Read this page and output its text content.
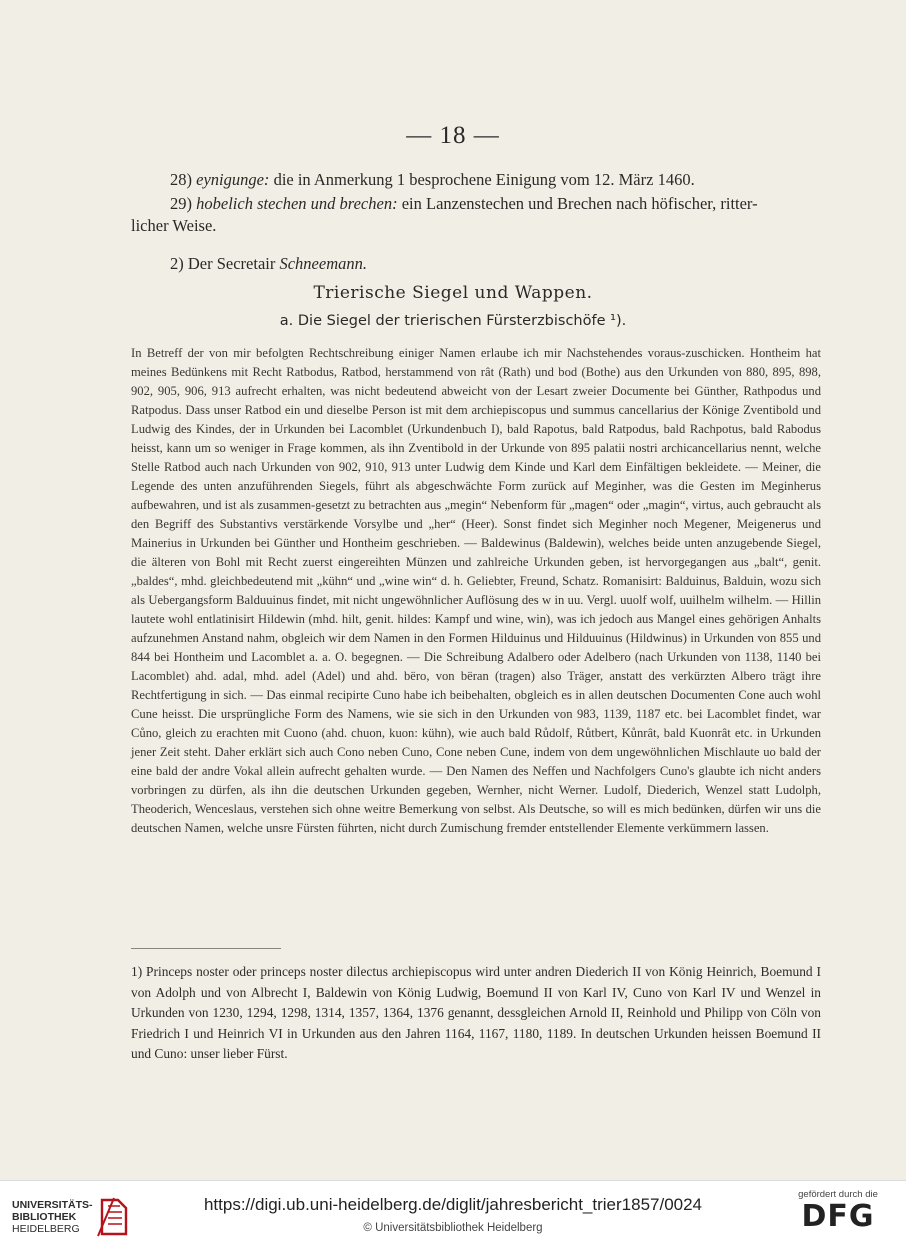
— 18 —
28) eynigunge: die in Anmerkung 1 besprochene Einigung vom 12. März 1460.
29) hobelich stechen und brechen: ein Lanzenstechen und Brechen nach höfischer, ritter-
licher Weise.
2) Der Secretair Schneemann.
Trierische Siegel und Wappen.
a. Die Siegel der trierischen Fürsterzbischöfe ¹).
In Betreff der von mir befolgten Rechtschreibung einiger Namen erlaube ich mir Nachstehendes voraus-zuschicken. Hontheim hat meines Bedünkens mit Recht Ratbodus, Ratbod, herstammend von rât (Rath) und bod (Bothe) aus den Urkunden von 880, 895, 898, 902, 905, 906, 913 aufrecht erhalten, was nicht bedeutend abweicht von der Lesart zweier Documente bei Günther, Rathpodus und Ratpodus. Dass unser Ratbod ein und dieselbe Person ist mit dem archiepiscopus und summus cancellarius der Könige Zventibold und Ludwig des Kindes, der in Urkunden bei Lacomblet (Urkundenbuch I), bald Rapotus, bald Ratpodus, bald Rachpotus, bald Rabodus heisst, kann um so weniger in Frage kommen, als ihn Zventibold in der Urkunde von 895 palatii nostri archicancellarius nennt, welche Stelle Ratbod auch nach Urkunden von 902, 910, 913 unter Ludwig dem Kinde und Karl dem Einfältigen bekleidete. — Meiner, die Legende des unten anzuführenden Siegels, führt als abgeschwächte Form zurück auf Meginher, was die Gesten im Meginherus aufbewahren, und ist als zusammen-gesetzt zu betrachten aus „megin“ Nebenform für „magen“ oder „magin“, virtus, auch gebraucht als den Begriff des Substantivs verstärkende Vorsylbe und „her“ (Heer). Sonst findet sich Meginher noch Megener, Meigenerus und Mainerius in Urkunden bei Günther und Hontheim geschrieben. — Baldewinus (Baldewin), welches beide unten anzugebende Siegel, die älteren von Bohl mit Recht zuerst eingereihten Münzen und zahlreiche Urkunden geben, ist hervorgegangen aus „balt“, genit. „baldes“, mhd. gleichbedeutend mit „kühn“ und „wine win“ d. h. Geliebter, Freund, Schatz. Romanisirt: Balduinus, Balduin, wozu sich als Uebergangsform Balduuinus findet, mit nicht ungewöhnlicher Auflösung des w in uu. Vergl. uuolf wolf, uuilhelm wilhelm. — Hillin lautete wohl entlatinisirt Hildewin (mhd. hilt, genit. hildes: Kampf und wine, win), was ich jedoch aus Mangel eines gehörigen Anhalts aufzunehmen Anstand nahm, obgleich wir dem Namen in den Formen Hilduinus und Hilduuinus (Hildwinus) in Urkunden von 855 und 844 bei Hontheim und Lacomblet a. a. O. begegnen. — Die Schreibung Adalbero oder Adelbero (nach Urkunden von 1138, 1140 bei Lacomblet) ahd. adal, mhd. adel (Adel) und ahd. bëro, von bëran (tragen) also Träger, anstatt des verkürzten Albero trägt ihre Rechtfertigung in sich. — Das einmal recipirte Cuno habe ich beibehalten, obgleich es in allen deutschen Documenten Cone auch wohl Cune heisst. Die ursprüngliche Form des Namens, wie sie sich in den Urkunden von 983, 1139, 1187 etc. bei Lacomblet findet, war Cůno, gleich zu erachten mit Cuono (ahd. chuon, kuon: kühn), wie auch bald Růdolf, Růtbert, Kůnrât, bald Kuonrât etc. in Urkunden jener Zeit steht. Daher erklärt sich auch Cono neben Cuno, Cone neben Cune, indem von dem ungewöhnlichen Mischlaute uo bald der eine bald der andre Vokal allein aufrecht gehalten wurde. — Den Namen des Neffen und Nachfolgers Cuno's glaubte ich nicht anders vorbringen zu dürfen, als ihn die deutschen Urkunden gegeben, Wernher, nicht Werner. Ludolf, Diederich, Wenzel statt Ludolph, Theoderich, Wenceslaus, verstehen sich ohne weitre Bemerkung von selbst. Als Deutsche, so will es mich bedünken, dürfen wir uns die deutschen Namen, welche unsre Fürsten führten, nicht durch Zumischung fremder entstellender Elemente verkümmern lassen.
1) Princeps noster oder princeps noster dilectus archiepiscopus wird unter andren Diederich II von König Heinrich, Boemund I von Adolph und von Albrecht I, Baldewin von König Ludwig, Boemund II von Karl IV, Cuno von Karl IV und Wenzel in Urkunden von 1230, 1294, 1298, 1314, 1357, 1364, 1376 genannt, dessgleichen Arnold II, Reinhold und Philipp von Cöln von Friedrich I und Heinrich VI in Urkunden aus den Jahren 1164, 1167, 1180, 1189. In deutschen Urkunden heissen Boemund II und Cuno: unser lieber Fürst.
UNIVERSITÄTS-
BIBLIOTHEK
HEIDELBERG
https://digi.ub.uni-heidelberg.de/diglit/jahresbericht_trier1857/0024
© Universitätsbibliothek Heidelberg
gefördert durch die
DFG
